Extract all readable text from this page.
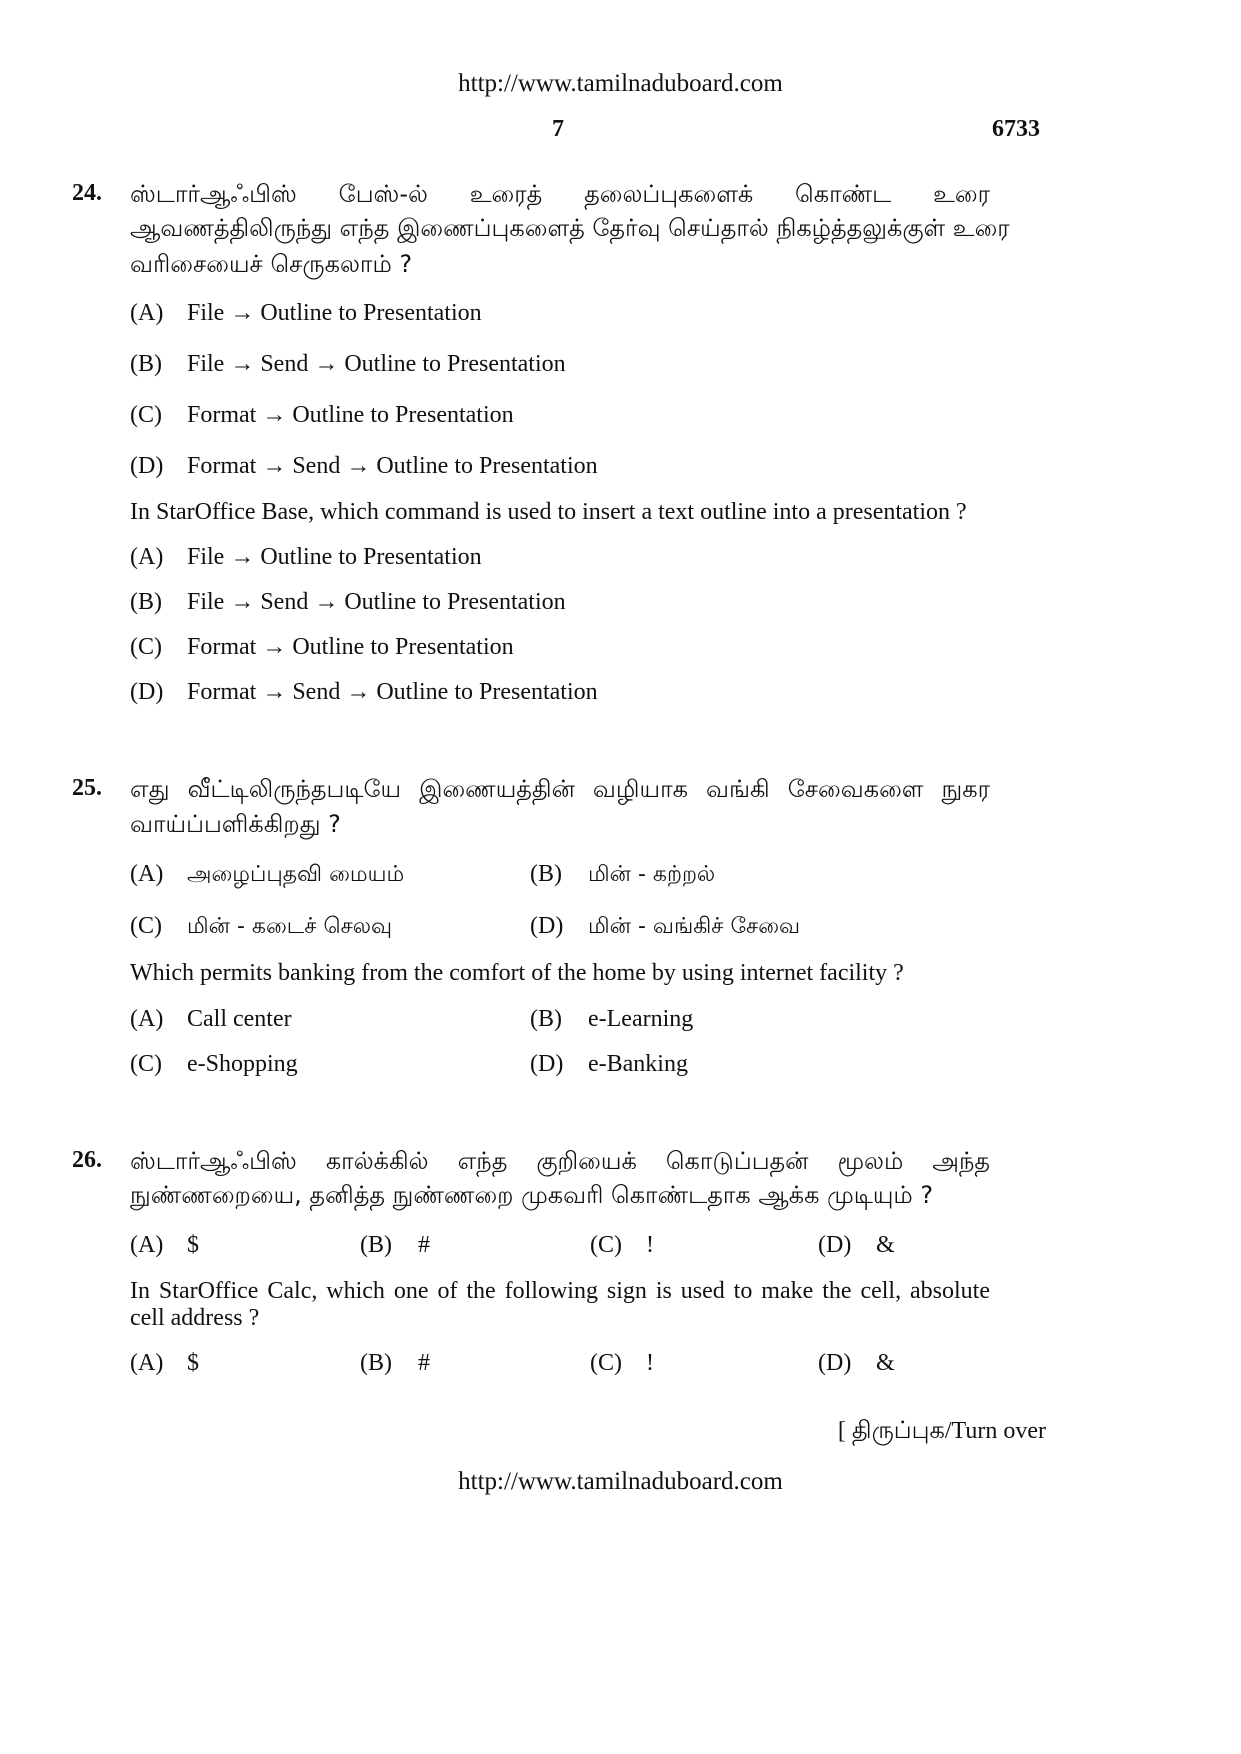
http://www.tamilnaduboard.com
7	6733
24. ஸ்டார்ஆஃபிஸ் பேஸ்-ல் உரைத் தலைப்புகளைக் கொண்ட உரை
ஆவணத்திலிருந்து எந்த இணைப்புகளைத் தேர்வு செய்தால் நிகழ்த்தலுக்குள் உரை
வரிசையைச் செருகலாம் ?
(A) File → Outline to Presentation
(B) File → Send → Outline to Presentation
(C) Format → Outline to Presentation
(D) Format → Send → Outline to Presentation
In StarOffice Base, which command is used to insert a text outline into a presentation ?
(A) File → Outline to Presentation
(B) File → Send → Outline to Presentation
(C) Format → Outline to Presentation
(D) Format → Send → Outline to Presentation
25. எது வீட்டிலிருந்தபடியே இணையத்தின் வழியாக வங்கி சேவைகளை நுகர
வாய்ப்பளிக்கிறது ?
(A) அழைப்புதவி மையம்	(B) மின் - கற்றல்
(C) மின் - கடைச் செலவு	(D) மின் - வங்கிச் சேவை
Which permits banking from the comfort of the home by using internet facility ?
(A) Call center	(B) e-Learning
(C) e-Shopping	(D) e-Banking
26. ஸ்டார்ஆஃபிஸ் கால்க்கில் எந்த குறியைக் கொடுப்பதன் மூலம் அந்த
நுண்ணறையை, தனித்த நுண்ணறை முகவரி கொண்டதாக ஆக்க முடியும் ?
(A) $	(B) #	(C) !	(D) &
In StarOffice Calc, which one of the following sign is used to make the cell, absolute
cell address ?
(A) $	(B) #	(C) !	(D) &
[ திருப்புக/Turn over
http://www.tamilnaduboard.com
